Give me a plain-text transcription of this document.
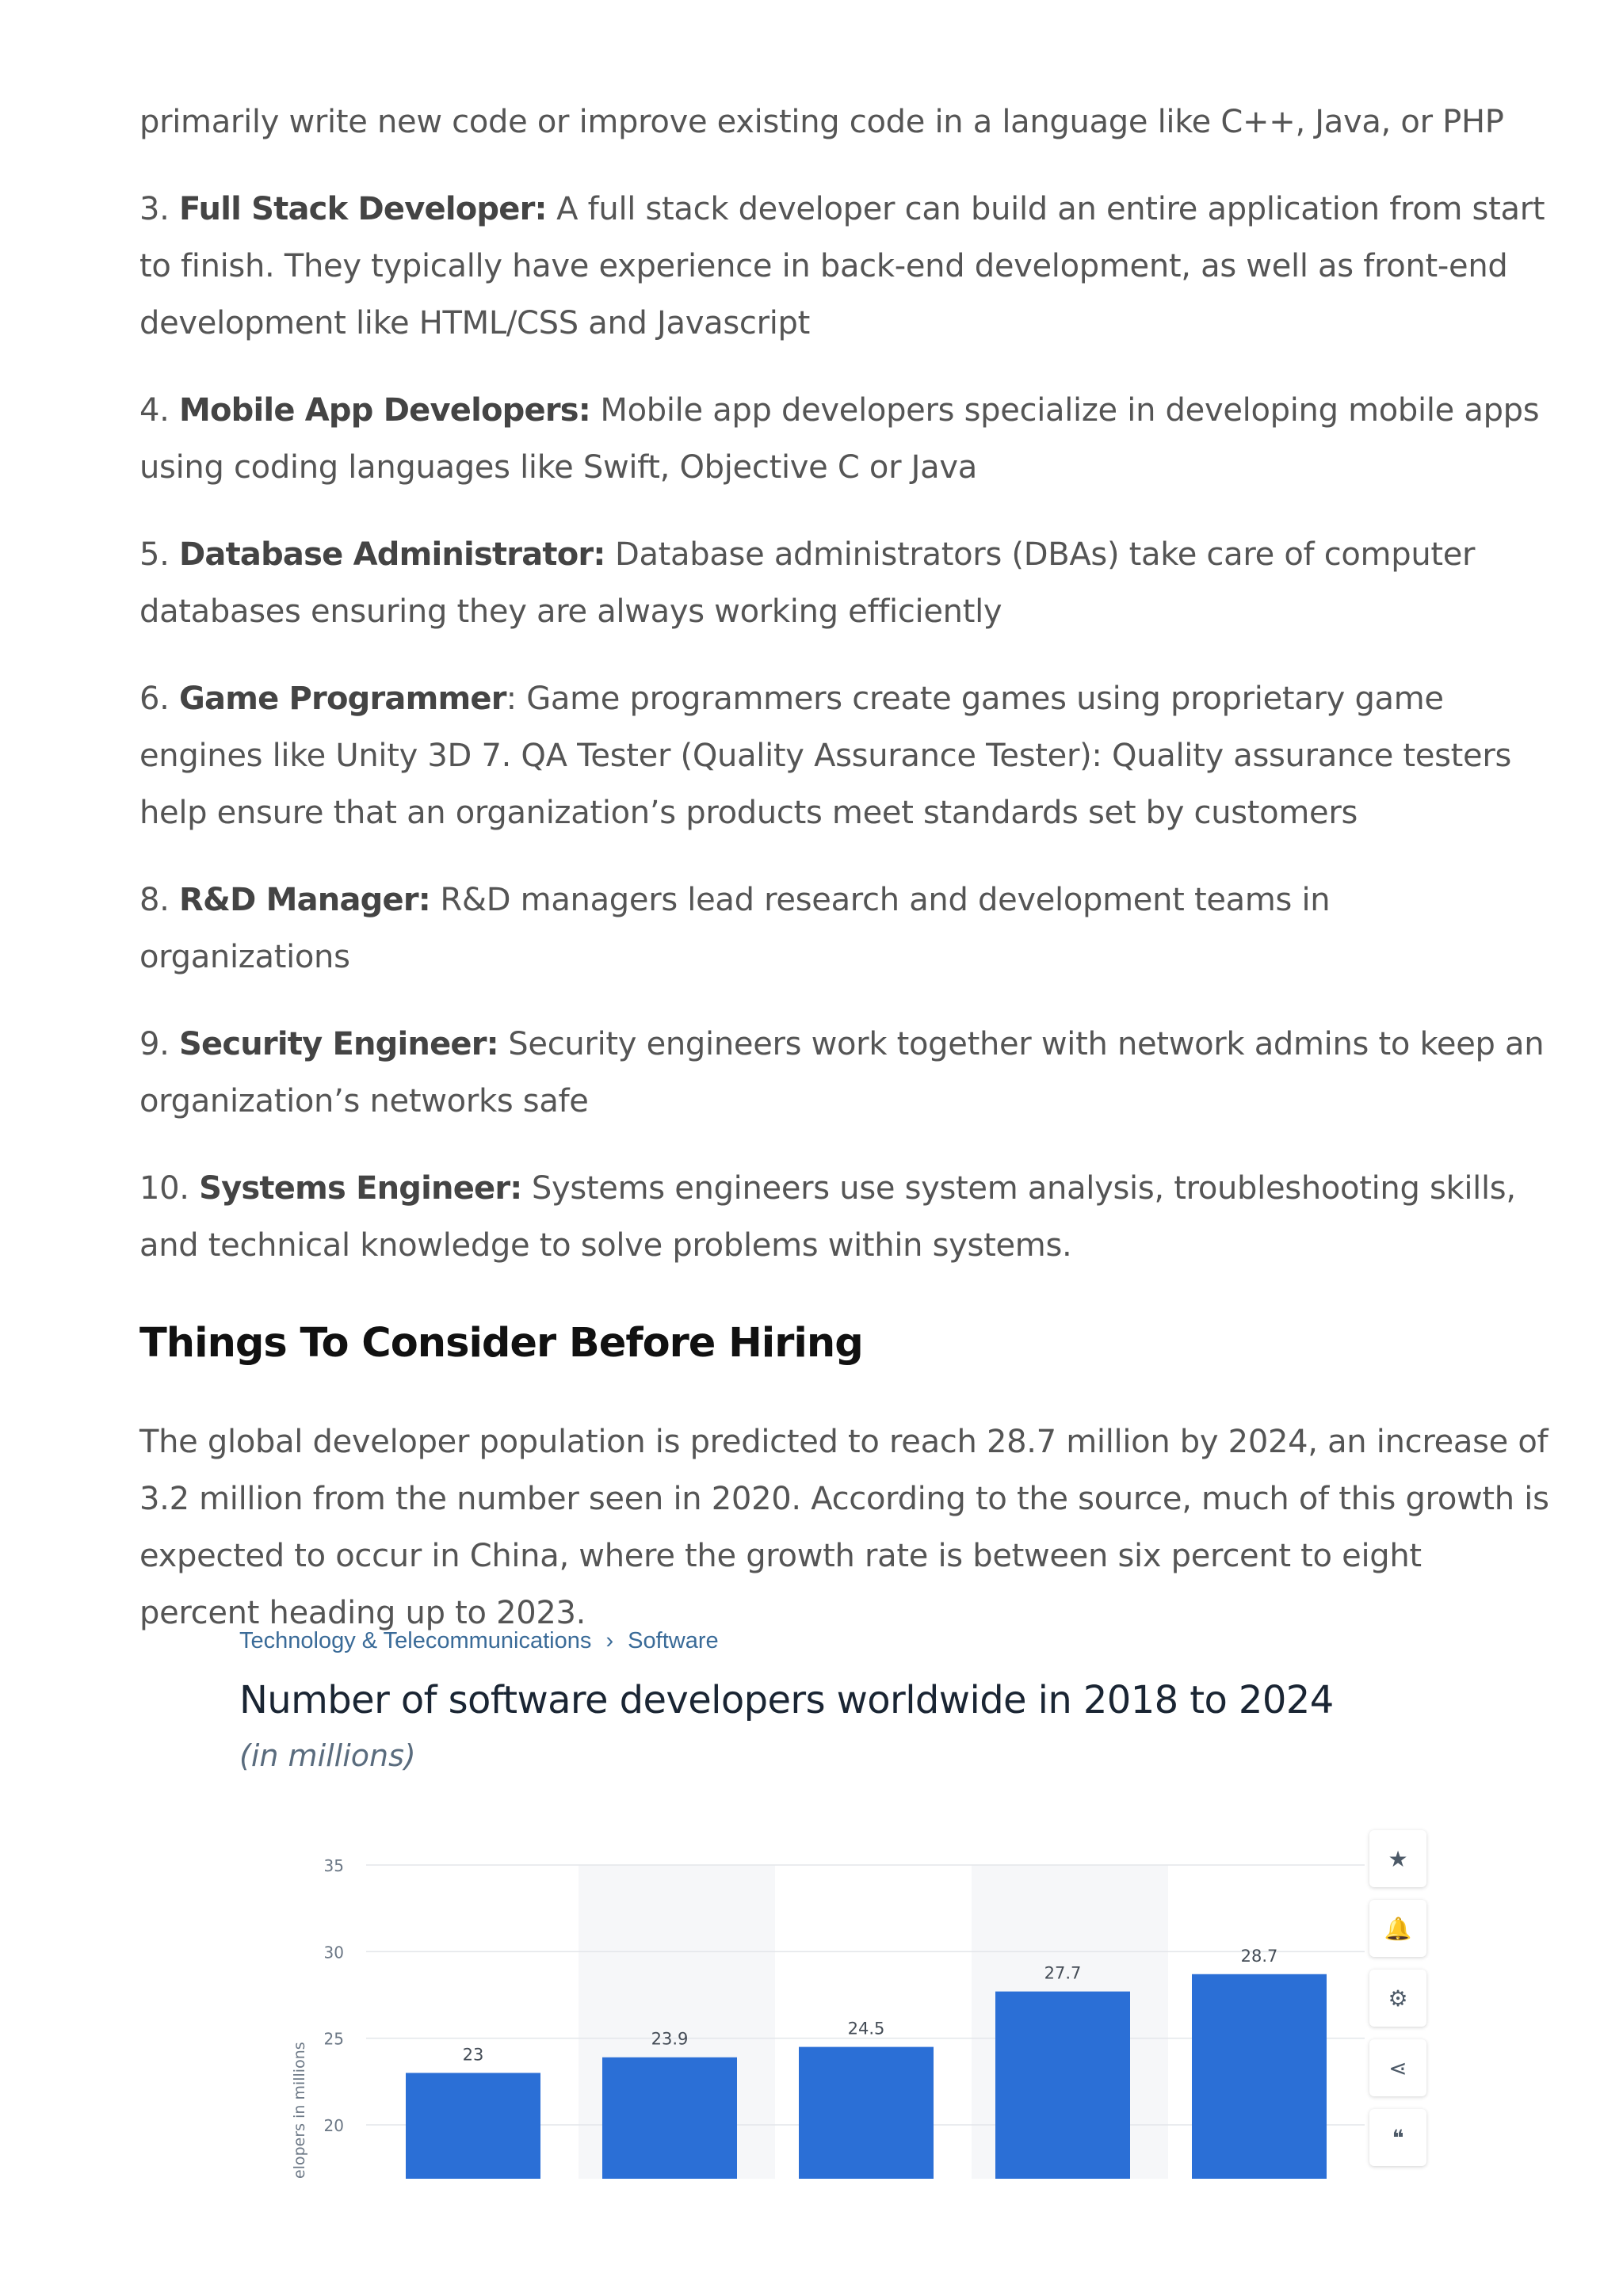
primarily write new code or improve existing code in a language like C++, Java, or PHP

3. Full Stack Developer: A full stack developer can build an entire application from start to finish. They typically have experience in back-end development, as well as front-end development like HTML/CSS and Javascript

4. Mobile App Developers: Mobile app developers specialize in developing mobile apps using coding languages like Swift, Objective C or Java

5. Database Administrator: Database administrators (DBAs) take care of computer databases ensuring they are always working efficiently

6. Game Programmer: Game programmers create games using proprietary game engines like Unity 3D 7. QA Tester (Quality Assurance Tester): Quality assurance testers help ensure that an organization’s products meet standards set by customers

8. R&D Manager: R&D managers lead research and development teams in organizations

9. Security Engineer: Security engineers work together with network admins to keep an organization’s networks safe

10. Systems Engineer: Systems engineers use system analysis, troubleshooting skills, and technical knowledge to solve problems within systems.

Things To Consider Before Hiring

The global developer population is predicted to reach 28.7 million by 2024, an increase of 3.2 million from the number seen in 2020. According to the source, much of this growth is expected to occur in China, where the growth rate is between six percent to eight percent heading up to 2023.

Technology & Telecommunications › Software
Number of software developers worldwide in 2018 to 2024
(in millions)
20
25
30
35
elopers in millions	23
23.9
24.5
27.7
28.7
★
🔔
⚙
⋖
❝
